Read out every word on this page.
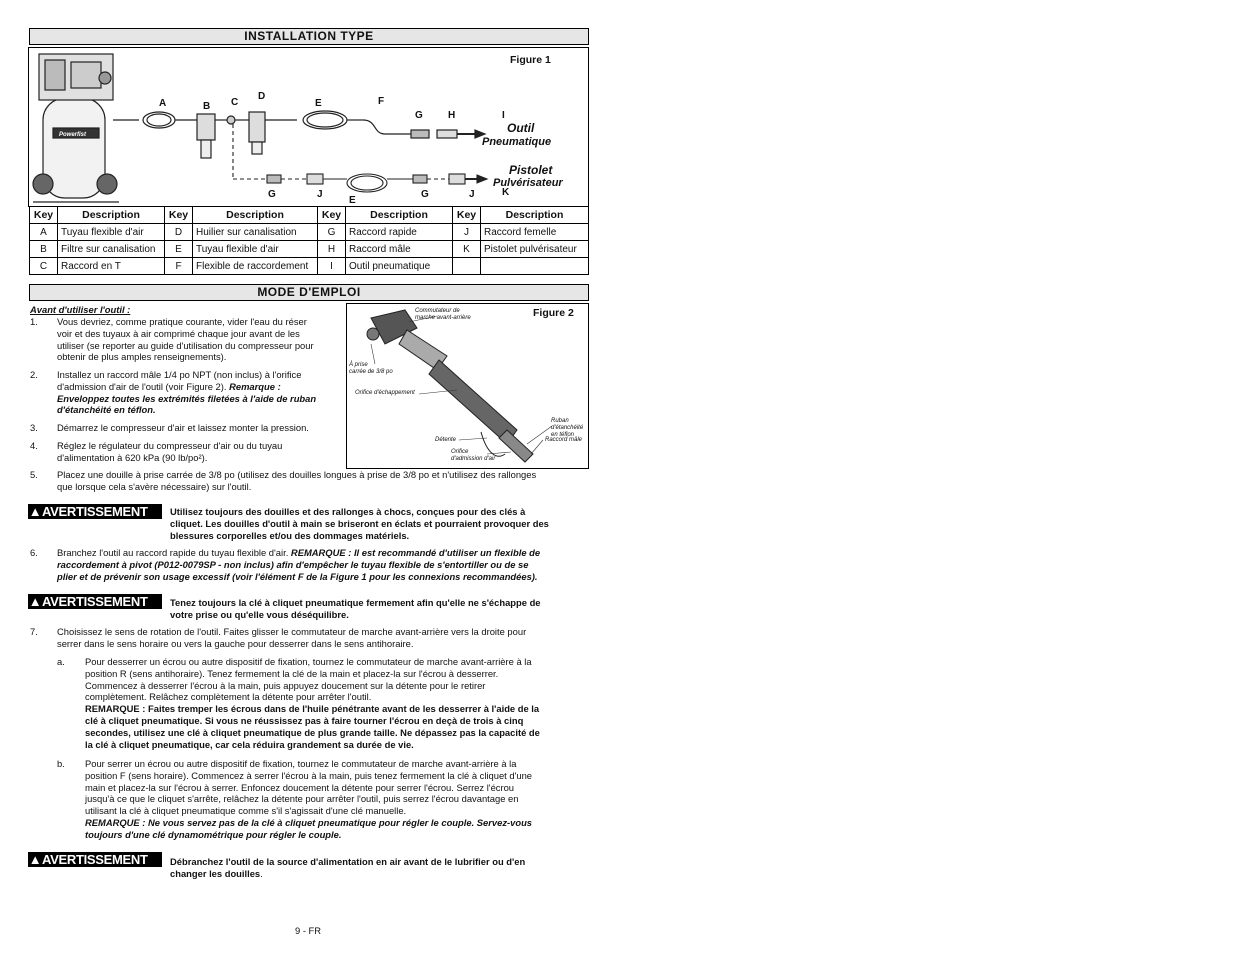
INSTALLATION TYPE
Figure 1
Powerfist
A	B C
D
E	F
G	H	I
G	J
E
G	J	K
Outil
Pneumatique
Pistolet
Pulvérisateur
Key	Description	Key	Description	Key	Description	Key	Description
A	Tuyau flexible d'air	D	Huilier sur canalisation	G	Raccord rapide	J	Raccord femelle
B	Filtre sur canalisation	E	Tuyau flexible d'air	H	Raccord mâle	K	Pistolet pulvérisateur
C	Raccord en T	F	Flexible de raccordement	I	Outil pneumatique		
MODE D'EMPLOI
Figure 2
Commutateur de
marche avant-arrière
À prise
carrée de 3/8 po
Orifice d'échappement
Ruban d'étanchéité
en téflon
Détente	Raccord mâle
Orifice
d'admission d'air
Avant d'utiliser l'outil :
1. Vous devriez, comme pratique courante, vider l'eau du réser
voir et des tuyaux à air comprimé chaque jour avant de les
utiliser (se reporter au guide d'utilisation du compresseur pour
obtenir de plus amples renseignements).
2. Installez un raccord mâle 1/4 po NPT (non inclus) à l'orifice
d'admission d'air de l'outil (voir Figure 2). Remarque :
Enveloppez toutes les extrémités filetées à l'aide de ruban
d'étanchéité en téflon.
3. Démarrez le compresseur d'air et laissez monter la pression.
4. Réglez le régulateur du compresseur d'air ou du tuyau
d'alimentation à 620 kPa (90 lb/po²).
5. Placez une douille à prise carrée de 3/8 po (utilisez des douilles longues à prise de 3/8 po et n'utilisez des rallonges
que lorsque cela s'avère nécessaire) sur l'outil.
▲AVERTISSEMENT	Utilisez toujours des douilles et des rallonges à chocs, conçues pour des clés à
cliquet. Les douilles d'outil à main se briseront en éclats et pourraient provoquer des
blessures corporelles et/ou des dommages matériels.
6. Branchez l'outil au raccord rapide du tuyau flexible d'air. REMARQUE : Il est recommandé d'utiliser un flexible de
raccordement à pivot (P012-0079SP - non inclus) afin d'empêcher le tuyau flexible de s'entortiller ou de se
plier et de prévenir son usage excessif (voir l'élément F de la Figure 1 pour les connexions recommandées).
▲AVERTISSEMENT	Tenez toujours la clé à cliquet pneumatique fermement afin qu'elle ne s'échappe de
votre prise ou qu'elle vous déséquilibre.
7. Choisissez le sens de rotation de l'outil. Faites glisser le commutateur de marche avant-arrière vers la droite pour
serrer dans le sens horaire ou vers la gauche pour desserrer dans le sens antihoraire.
a. Pour desserrer un écrou ou autre dispositif de fixation, tournez le commutateur de marche avant-arrière à la
position R (sens antihoraire). Tenez fermement la clé de la main et placez-la sur l'écrou à desserrer.
Commencez à desserrer l'écrou à la main, puis appuyez doucement sur la détente pour le retirer
complètement. Relâchez complètement la détente pour arrêter l'outil.
REMARQUE : Faites tremper les écrous dans de l'huile pénétrante avant de les desserrer à l'aide de la
clé à cliquet pneumatique. Si vous ne réussissez pas à faire tourner l'écrou en deçà de trois à cinq
secondes, utilisez une clé à cliquet pneumatique de plus grande taille. Ne dépassez pas la capacité de
la clé à cliquet pneumatique, car cela réduira grandement sa durée de vie.
b. Pour serrer un écrou ou autre dispositif de fixation, tournez le commutateur de marche avant-arrière à la
position F (sens horaire). Commencez à serrer l'écrou à la main, puis tenez fermement la clé à cliquet d'une
main et placez-la sur l'écrou à serrer. Enfoncez doucement la détente pour serrer l'écrou. Serrez l'écrou
jusqu'à ce que le cliquet s'arrête, relâchez la détente pour arrêter l'outil, puis serrez l'écrou davantage en
utilisant la clé à cliquet pneumatique comme s'il s'agissait d'une clé manuelle.
REMARQUE : Ne vous servez pas de la clé à cliquet pneumatique pour régler le couple. Servez-vous
toujours d'une clé dynamométrique pour régler le couple.
▲AVERTISSEMENT	Débranchez l'outil de la source d'alimentation en air avant de le lubrifier ou d'en
changer les douilles.
9 - FR
